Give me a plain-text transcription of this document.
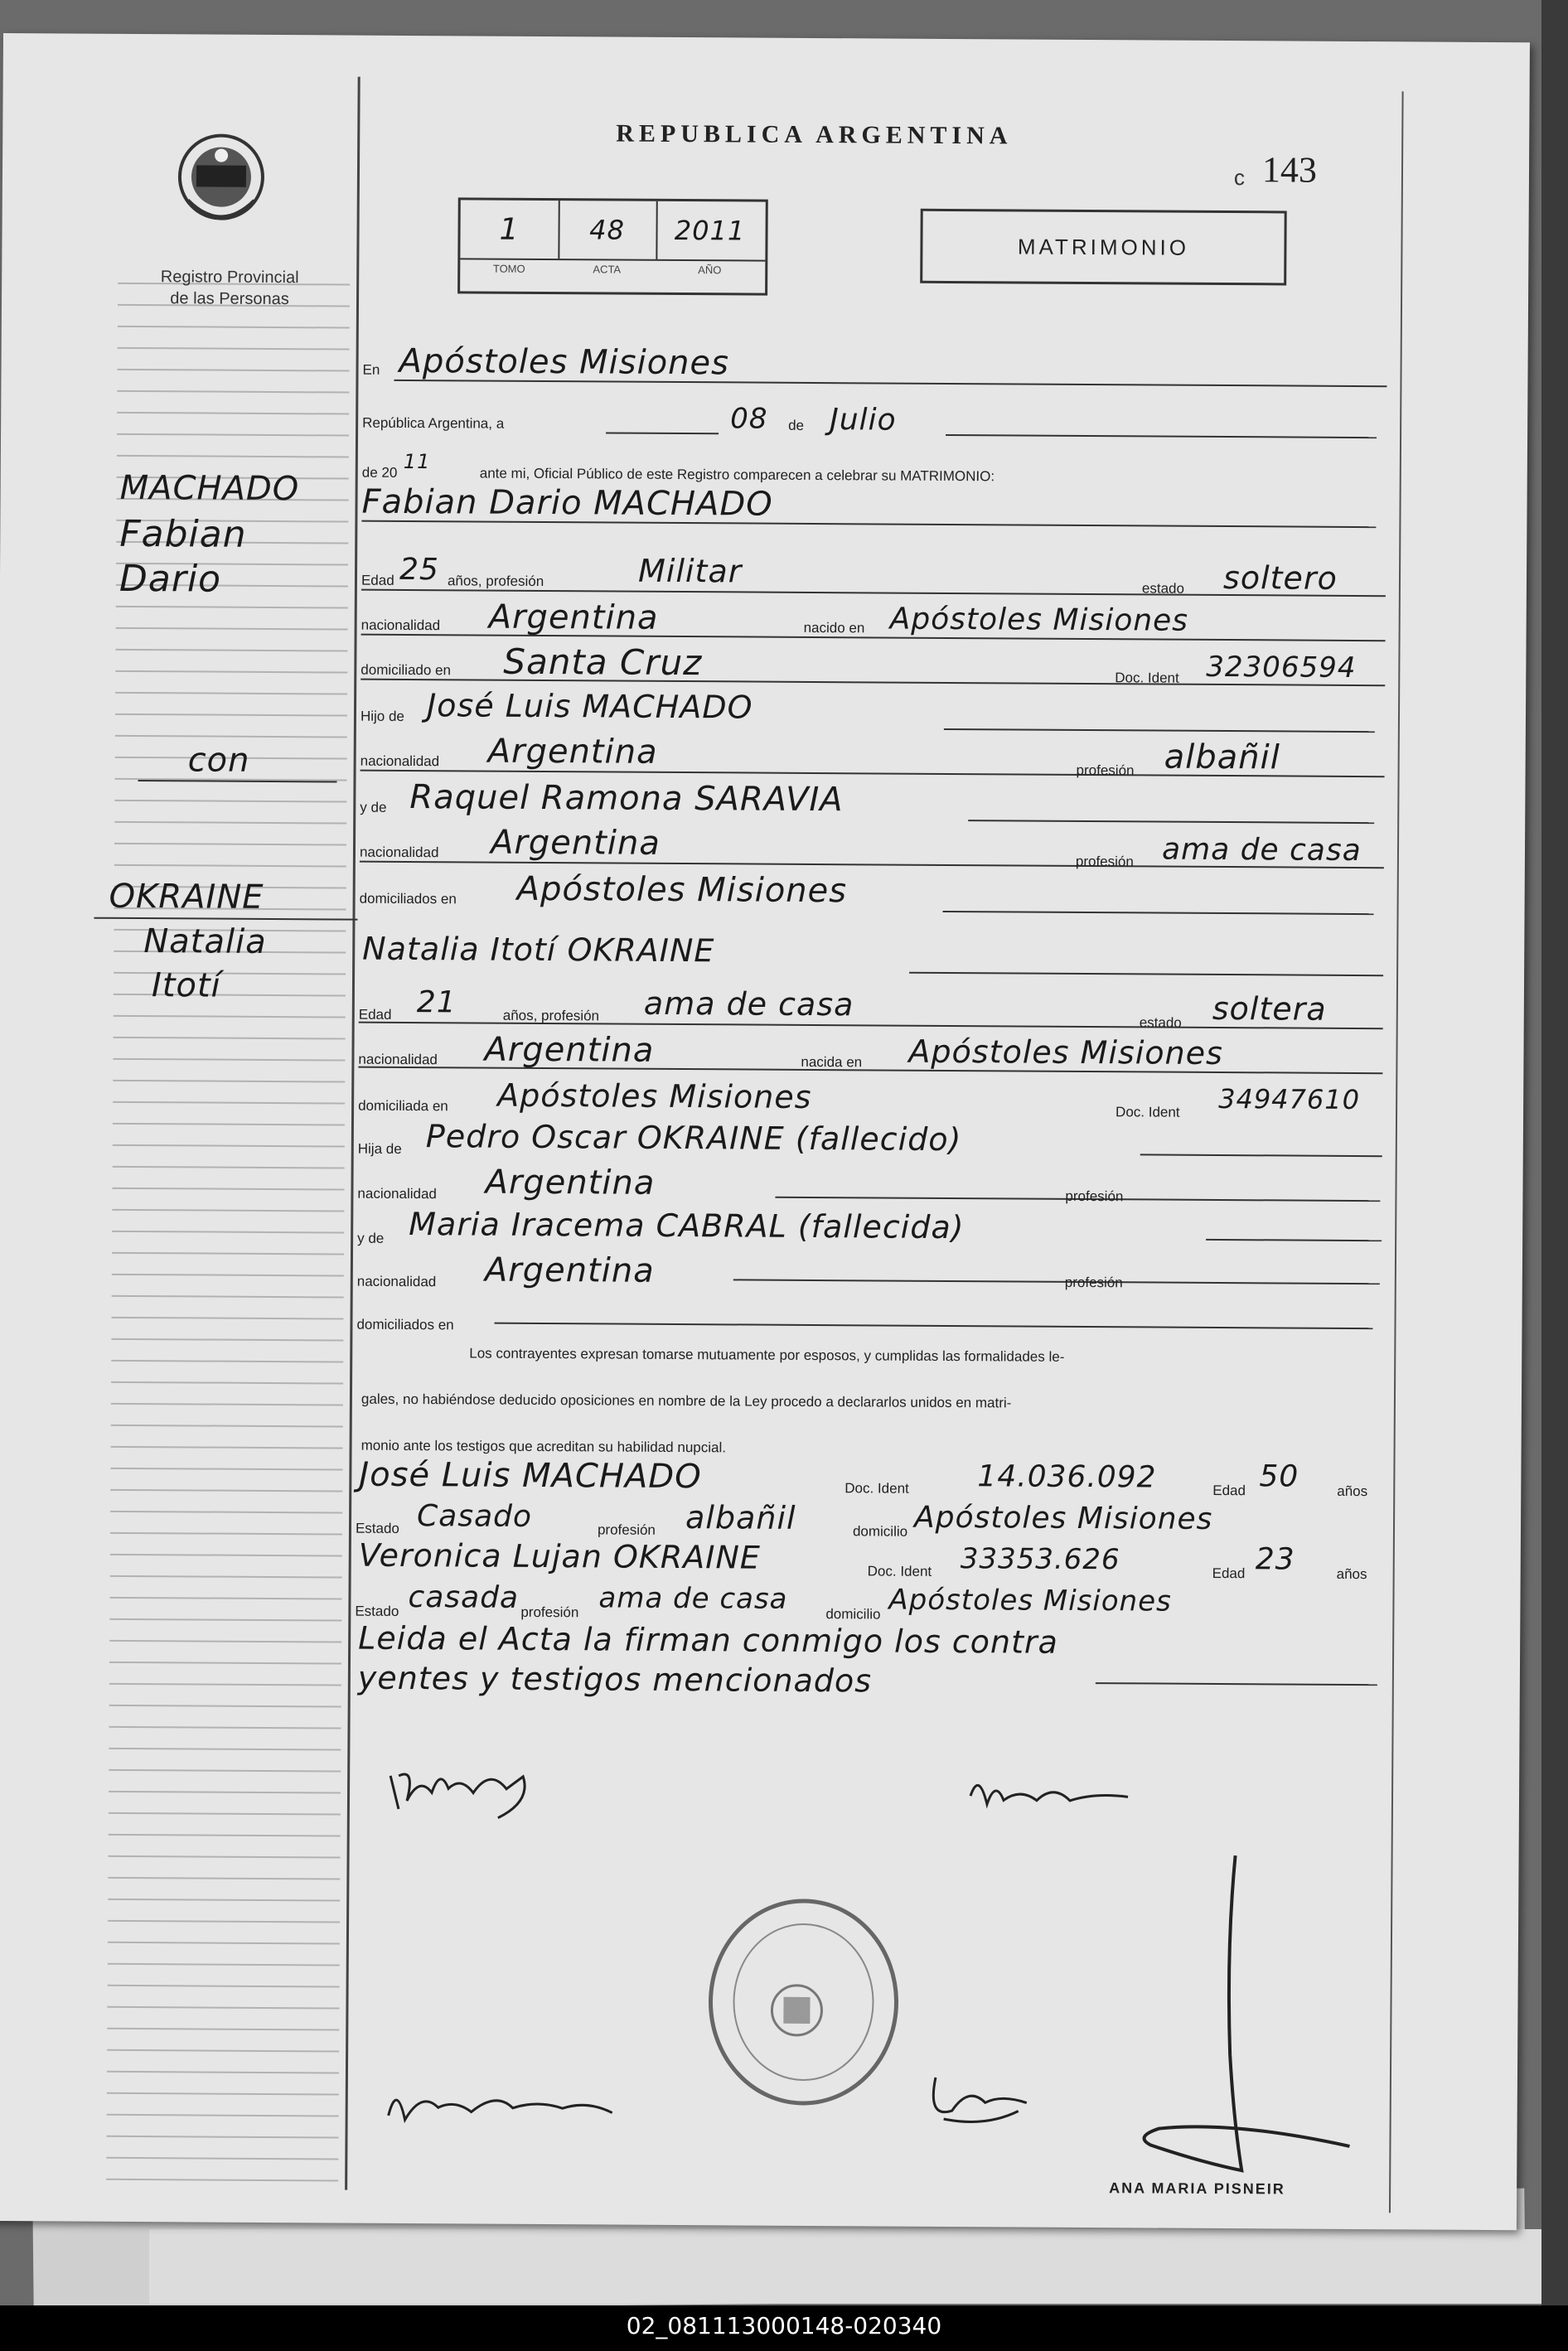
Registro Provincial
de las Personas
REPUBLICA ARGENTINA
c 143
1	48	2011
TOMO	ACTA	AÑO
MATRIMONIO
MACHADO
Fabian
Dario
con
OKRAINE
Natalia
Itotí
En Apóstoles Misiones
República Argentina, a	08 de Julio
de 20 11
ante mi, Oficial Público de este Registro comparecen a celebrar su MATRIMONIO:
Fabian Dario MACHADO
Edad 25 años, profesión	Militar	estado soltero
nacionalidad Argentina	nacido en Apóstoles Misiones
domiciliado en Santa Cruz	Doc. Ident 32306594
Hijo de José Luis MACHADO
nacionalidad Argentina	profesión albañil
y de Raquel Ramona SARAVIA
nacionalidad Argentina	profesión ama de casa
domiciliados en Apóstoles Misiones
Natalia Itotí OKRAINE
Edad 21	años, profesión ama de casa	estado soltera
nacionalidad Argentina	nacida en Apóstoles Misiones
domiciliada en Apóstoles Misiones	Doc. Ident 34947610
Hija de Pedro Oscar OKRAINE (fallecido)
nacionalidad Argentina	profesión
y de Maria Iracema CABRAL (fallecida)
nacionalidad Argentina	profesión
domiciliados en
Los contrayentes expresan tomarse mutuamente por esposos, y cumplidas las formalidades le-
gales, no habiéndose deducido oposiciones en nombre de la Ley procedo a declararlos unidos en matri-
monio ante los testigos que acreditan su habilidad nupcial.
José Luis MACHADO	Doc. Ident 14.036.092	Edad 50	años
Estado Casado	profesión albañil	domicilio Apóstoles Misiones
Veronica Lujan OKRAINE	Doc. Ident 33353.626	Edad 23	años
Estado casada profesión ama de casa	domicilio Apóstoles Misiones
Leida el Acta la firman conmigo los contra
yentes y testigos mencionados
ANA MARIA PISNEIR
02_081113000148-020340
